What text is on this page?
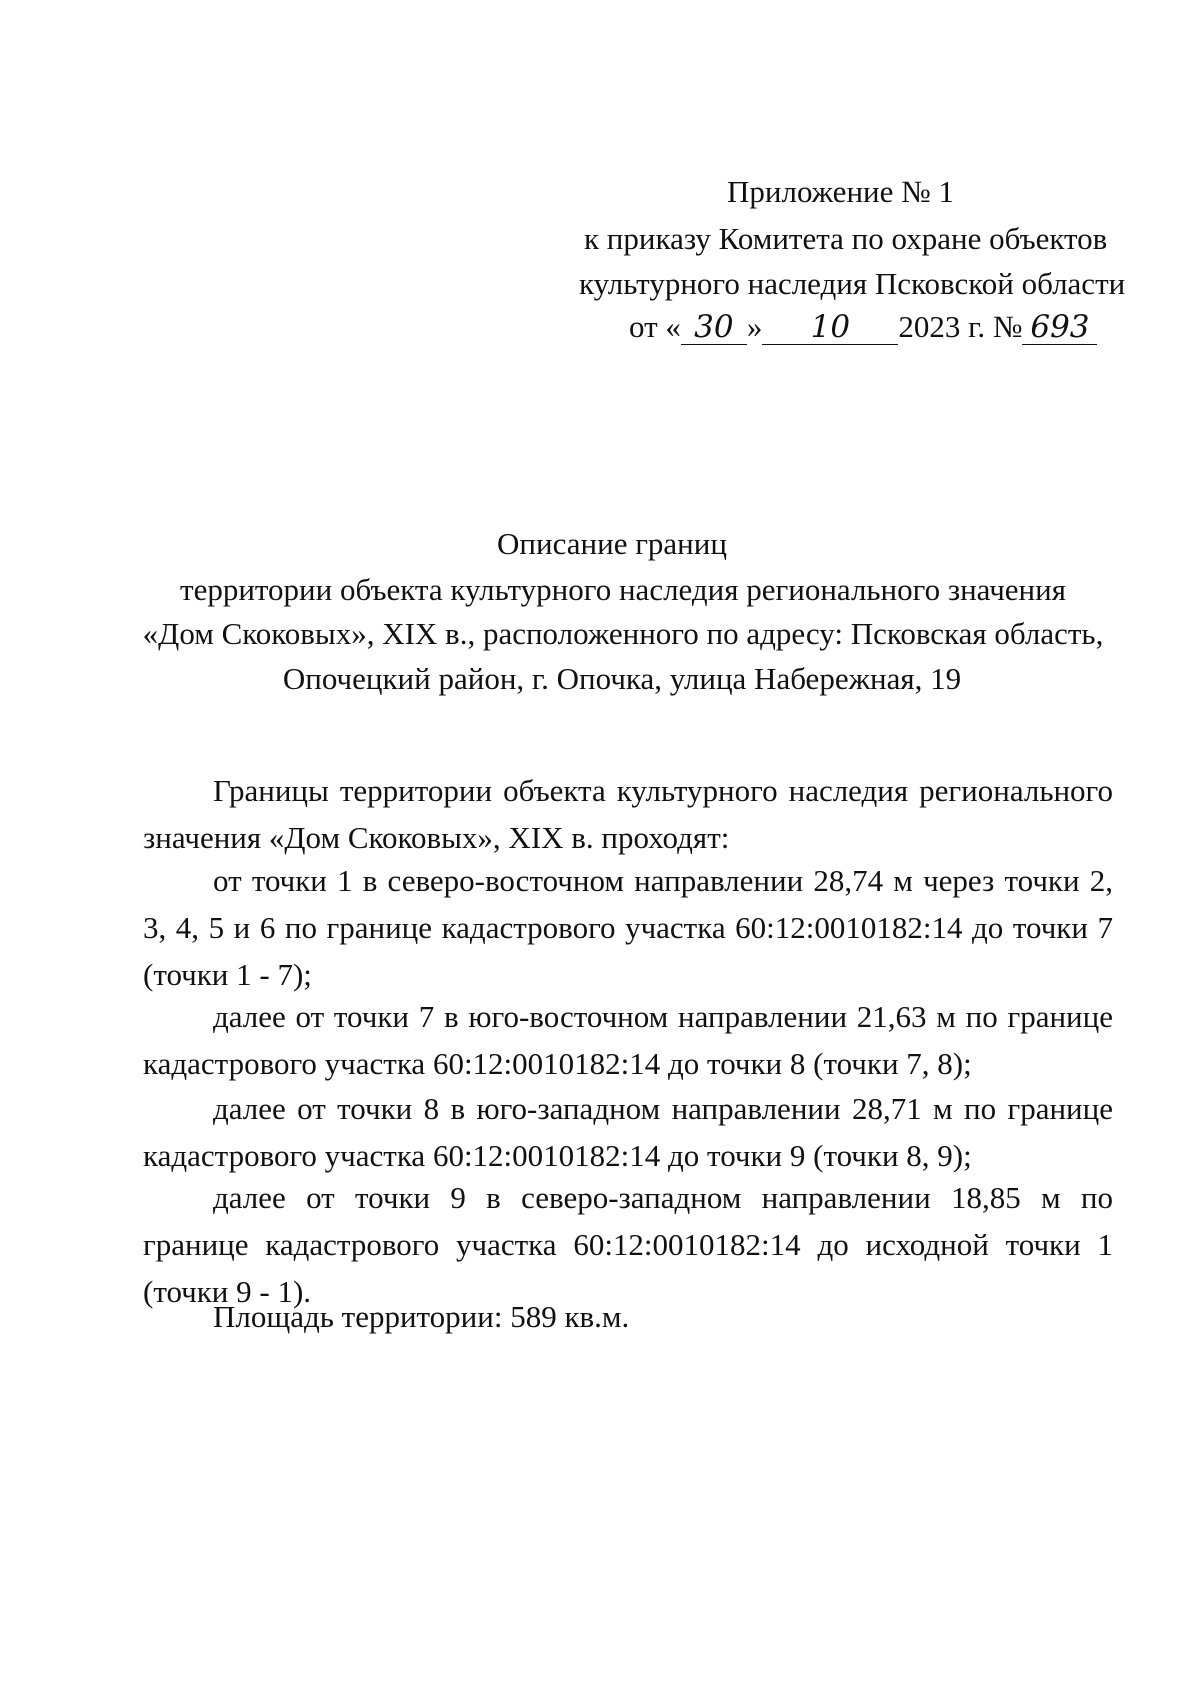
Приложение № 1
к приказу Комитета по охране объектов
культурного наследия Псковской области
от « 30 » 10 2023 г. № 693
Описание границ
территории объекта культурного наследия регионального значения
«Дом Скоковых», XIX в., расположенного по адресу: Псковская область,
Опочецкий район, г. Опочка, улица Набережная, 19

Границы территории объекта культурного наследия регионального значения «Дом Скоковых», XIX в. проходят:

от точки 1 в северо-восточном направлении 28,74 м через точки 2, 3, 4, 5 и 6 по границе кадастрового участка 60:12:0010182:14 до точки 7 (точки 1 - 7);

далее от точки 7 в юго-восточном направлении 21,63 м по границе кадастрового участка 60:12:0010182:14 до точки 8 (точки 7, 8);

далее от точки 8 в юго-западном направлении 28,71 м по границе кадастрового участка 60:12:0010182:14 до точки 9 (точки 8, 9);

далее от точки 9 в северо-западном направлении 18,85 м по границе кадастрового участка 60:12:0010182:14 до исходной точки 1 (точки 9 - 1).

Площадь территории: 589 кв.м.
